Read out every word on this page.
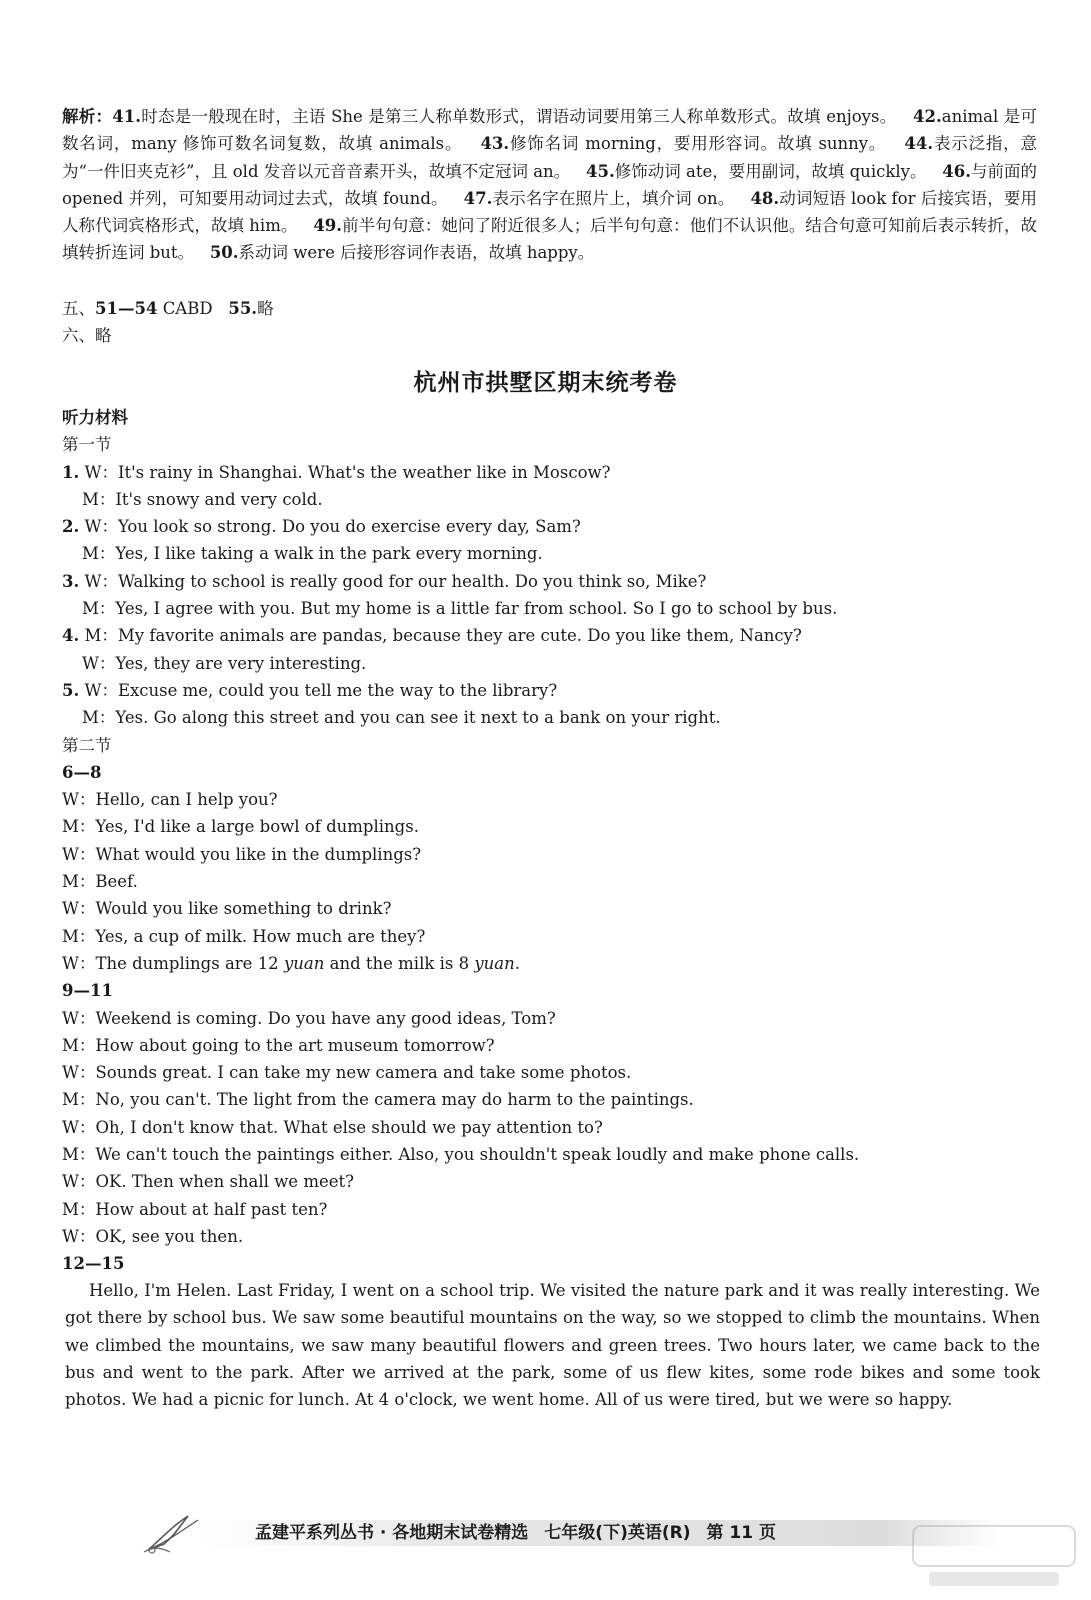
解析：41.时态是一般现在时，主语 She 是第三人称单数形式，谓语动词要用第三人称单数形式。故填 enjoys。 42.animal 是可数名词，many 修饰可数名词复数，故填 animals。 43.修饰名词 morning，要用形容词。故填 sunny。 44.表示泛指，意为“一件旧夹克衫”，且 old 发音以元音音素开头，故填不定冠词 an。 45.修饰动词 ate，要用副词，故填 quickly。 46.与前面的 opened 并列，可知要用动词过去式，故填 found。 47.表示名字在照片上，填介词 on。 48.动词短语 look for 后接宾语，要用人称代词宾格形式，故填 him。 49.前半句句意：她问了附近很多人；后半句句意：他们不认识他。结合句意可知前后表示转折，故填转折连词 but。 50.系动词 were 后接形容词作表语，故填 happy。

五、51—54 CABD 55.略

六、略

杭州市拱墅区期末统考卷
听力材料
第一节
1. W：It's rainy in Shanghai. What's the weather like in Moscow?
M：It's snowy and very cold.
2. W：You look so strong. Do you do exercise every day, Sam?
M：Yes, I like taking a walk in the park every morning.
3. W：Walking to school is really good for our health. Do you think so, Mike?
M：Yes, I agree with you. But my home is a little far from school. So I go to school by bus.
4. M：My favorite animals are pandas, because they are cute. Do you like them, Nancy?
W：Yes, they are very interesting.
5. W：Excuse me, could you tell me the way to the library?
M：Yes. Go along this street and you can see it next to a bank on your right.
第二节
6—8
W：Hello, can I help you?
M：Yes, I'd like a large bowl of dumplings.
W：What would you like in the dumplings?
M：Beef.
W：Would you like something to drink?
M：Yes, a cup of milk. How much are they?
W：The dumplings are 12 yuan and the milk is 8 yuan.
9—11
W：Weekend is coming. Do you have any good ideas, Tom?
M：How about going to the art museum tomorrow?
W：Sounds great. I can take my new camera and take some photos.
M：No, you can't. The light from the camera may do harm to the paintings.
W：Oh, I don't know that. What else should we pay attention to?
M：We can't touch the paintings either. Also, you shouldn't speak loudly and make phone calls.
W：OK. Then when shall we meet?
M：How about at half past ten?
W：OK, see you then.
12—15

Hello, I'm Helen. Last Friday, I went on a school trip. We visited the nature park and it was really interesting. We got there by school bus. We saw some beautiful mountains on the way, so we stopped to climb the mountains. When we climbed the mountains, we saw many beautiful flowers and green trees. Two hours later, we came back to the bus and went to the park. After we arrived at the park, some of us flew kites, some rode bikes and some took photos. We had a picnic for lunch. At 4 o'clock, we went home. All of us were tired, but we were so happy.

孟建平系列丛书 · 各地期末试卷精选 七年级(下)英语(R) 第 11 页
